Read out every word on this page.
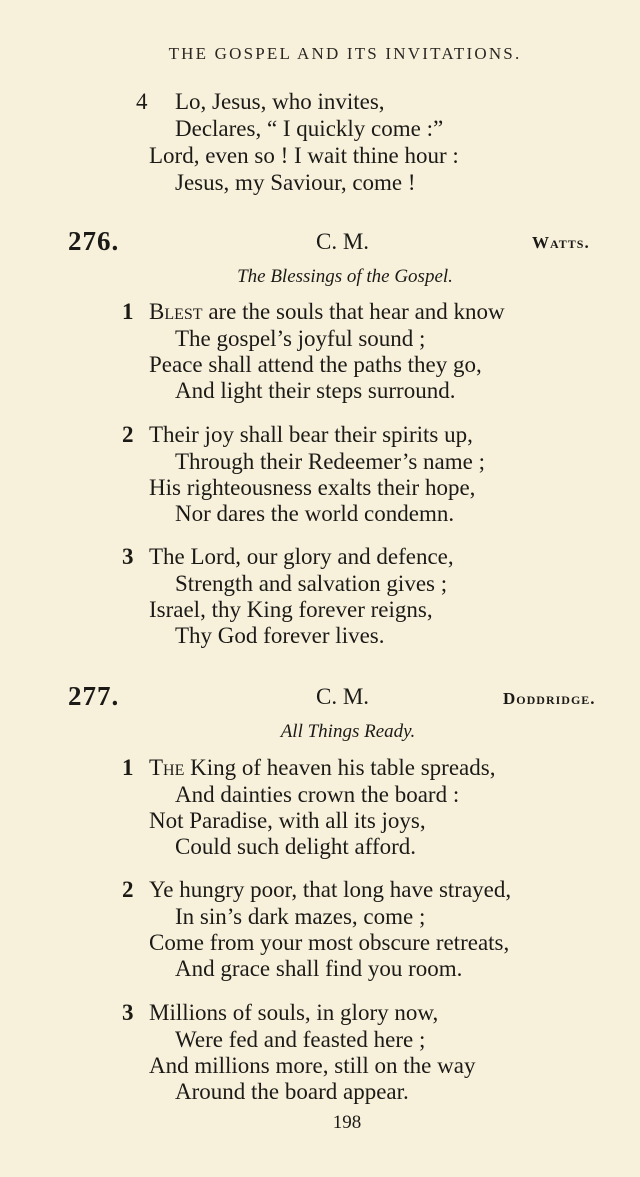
THE GOSPEL AND ITS INVITATIONS.
4 Lo, Jesus, who invites,
Declares, “ I quickly come :”
Lord, even so ! I wait thine hour :
Jesus, my Saviour, come !
276.	C. M.	Watts.
The Blessings of the Gospel.
1 Blest are the souls that hear and know
The gospel’s joyful sound ;
Peace shall attend the paths they go,
And light their steps surround.
2 Their joy shall bear their spirits up,
Through their Redeemer’s name ;
His righteousness exalts their hope,
Nor dares the world condemn.
3 The Lord, our glory and defence,
Strength and salvation gives ;
Israel, thy King forever reigns,
Thy God forever lives.
277.	C. M.	Doddridge.
All Things Ready.
1 The King of heaven his table spreads,
And dainties crown the board :
Not Paradise, with all its joys,
Could such delight afford.
2 Ye hungry poor, that long have strayed,
In sin’s dark mazes, come ;
Come from your most obscure retreats,
And grace shall find you room.
3 Millions of souls, in glory now,
Were fed and feasted here ;
And millions more, still on the way
Around the board appear.
198
